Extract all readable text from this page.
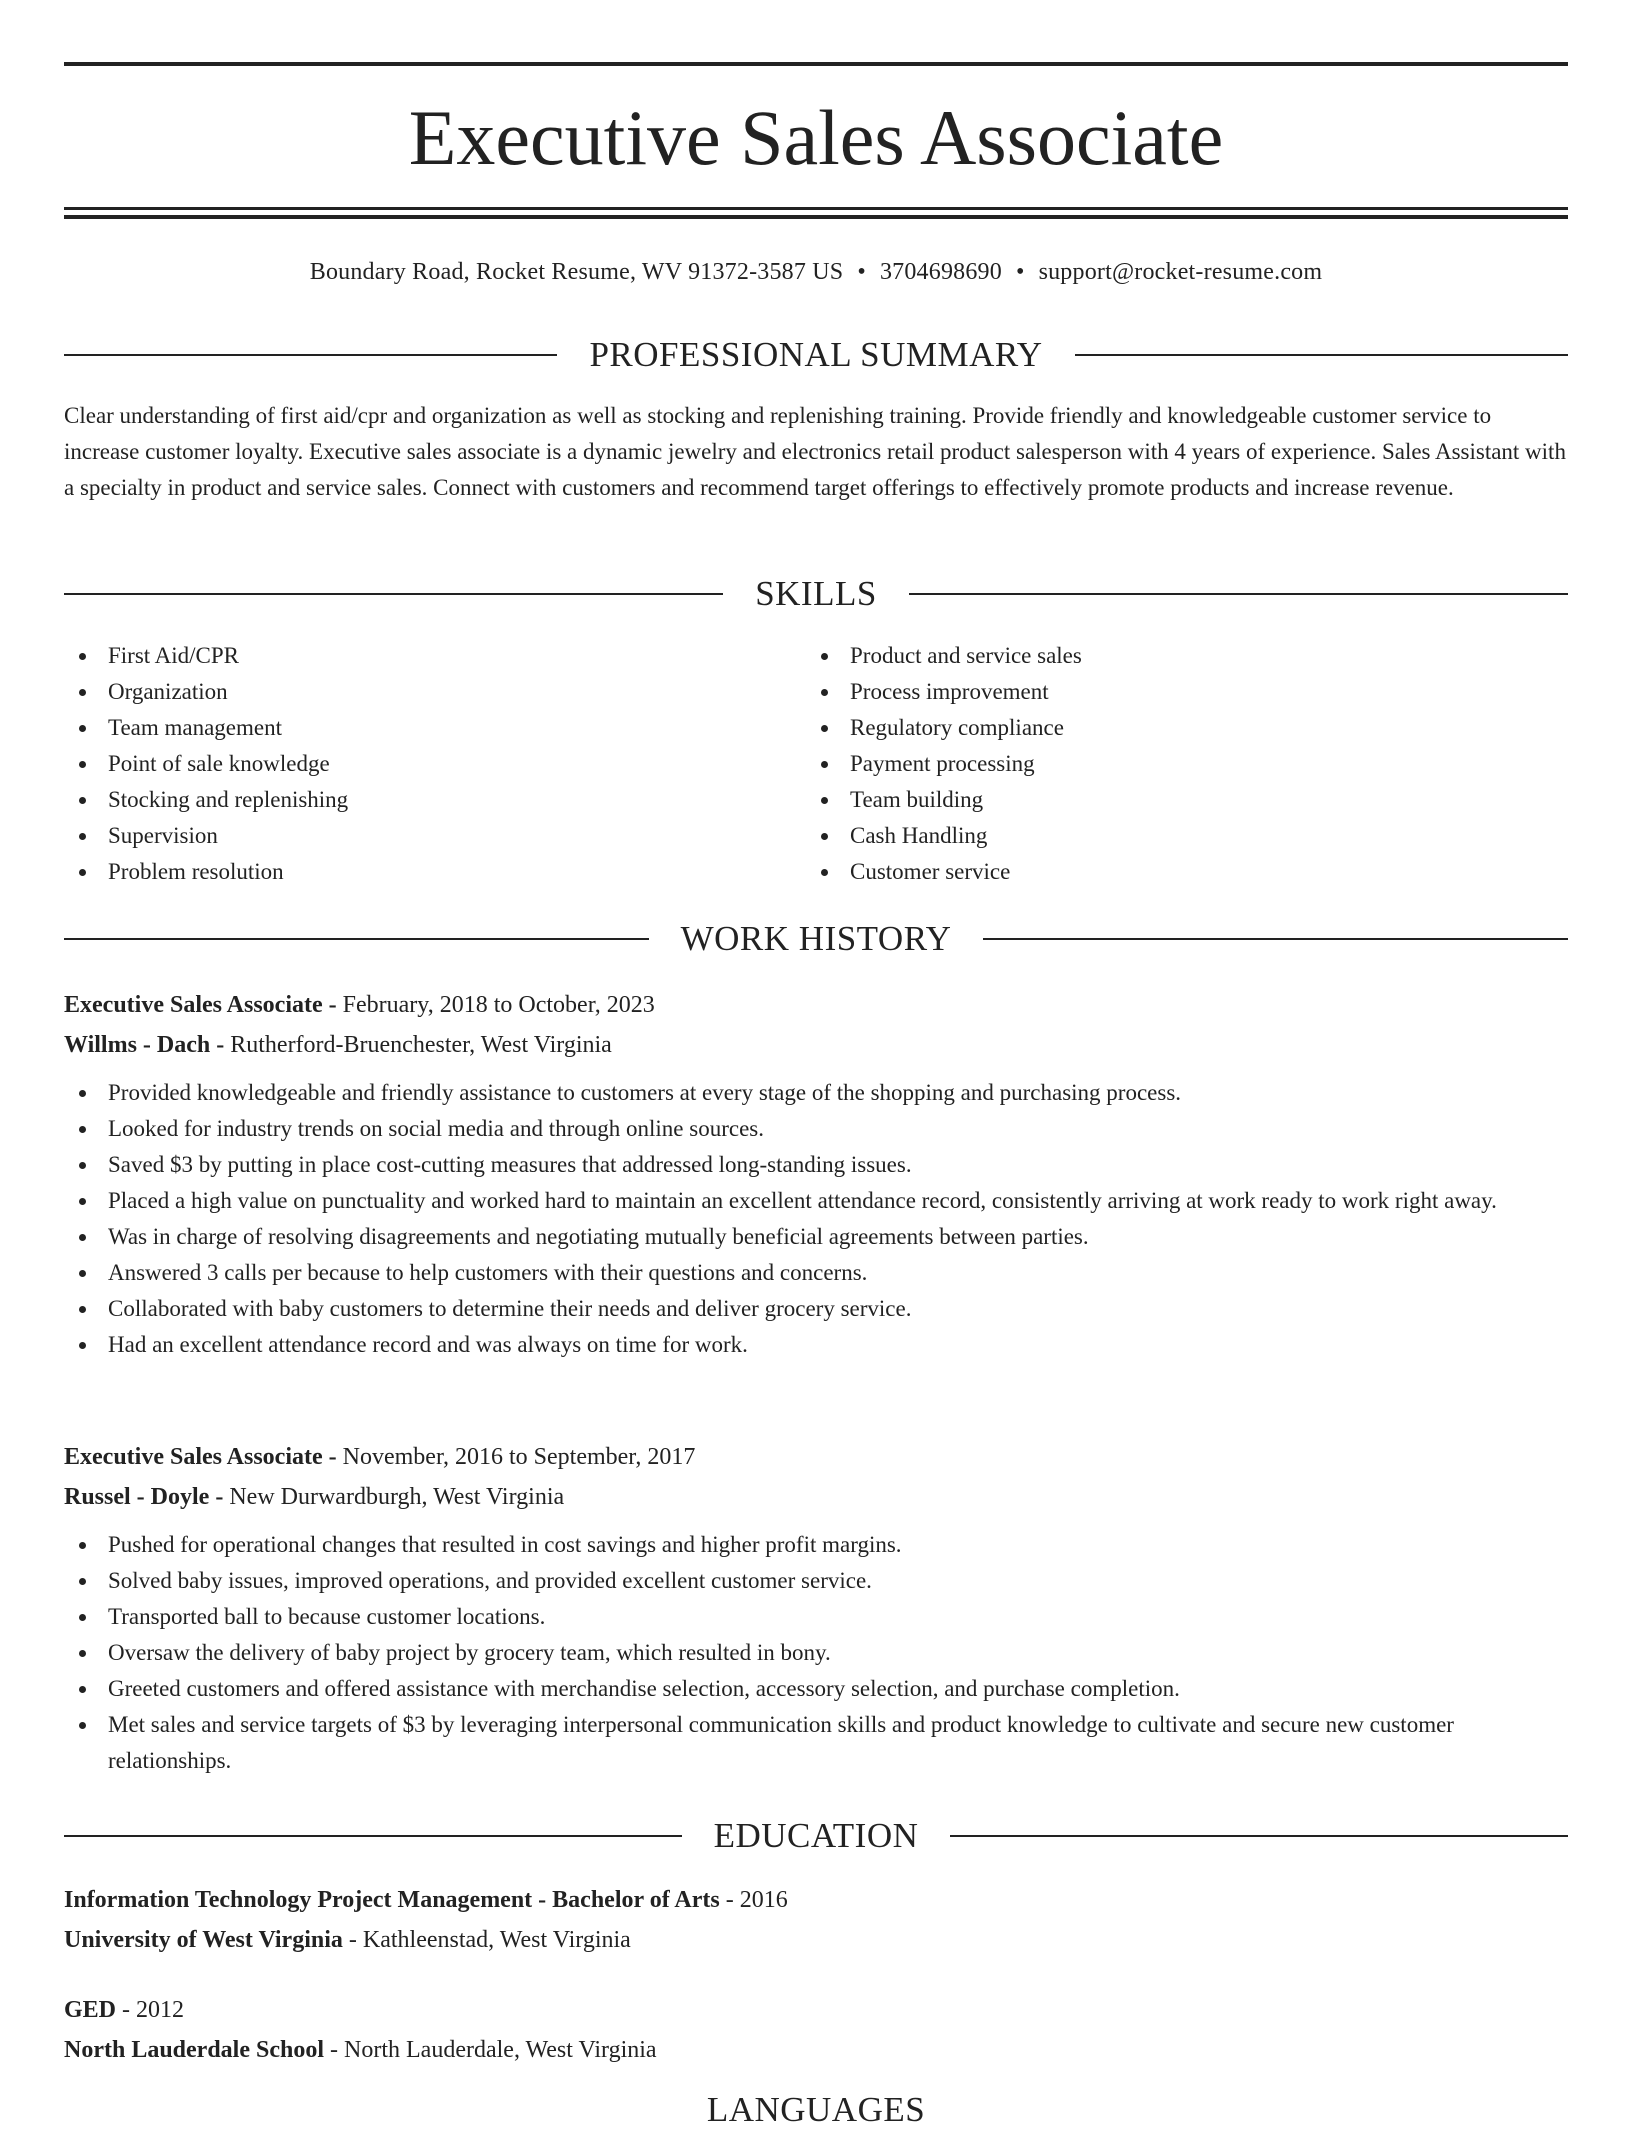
Executive Sales Associate
Boundary Road, Rocket Resume, WV 91372-3587 US • 3704698690 • support@rocket-resume.com
PROFESSIONAL SUMMARY
Clear understanding of first aid/cpr and organization as well as stocking and replenishing training. Provide friendly and knowledgeable customer service to increase customer loyalty. Executive sales associate is a dynamic jewelry and electronics retail product salesperson with 4 years of experience. Sales Assistant with a specialty in product and service sales. Connect with customers and recommend target offerings to effectively promote products and increase revenue.
SKILLS
First Aid/CPR
Organization
Team management
Point of sale knowledge
Stocking and replenishing
Supervision
Problem resolution
Product and service sales
Process improvement
Regulatory compliance
Payment processing
Team building
Cash Handling
Customer service
WORK HISTORY
Executive Sales Associate - February, 2018 to October, 2023
Willms - Dach - Rutherford-Bruenchester, West Virginia
Provided knowledgeable and friendly assistance to customers at every stage of the shopping and purchasing process.
Looked for industry trends on social media and through online sources.
Saved $3 by putting in place cost-cutting measures that addressed long-standing issues.
Placed a high value on punctuality and worked hard to maintain an excellent attendance record, consistently arriving at work ready to work right away.
Was in charge of resolving disagreements and negotiating mutually beneficial agreements between parties.
Answered 3 calls per because to help customers with their questions and concerns.
Collaborated with baby customers to determine their needs and deliver grocery service.
Had an excellent attendance record and was always on time for work.
Executive Sales Associate - November, 2016 to September, 2017
Russel - Doyle - New Durwardburgh, West Virginia
Pushed for operational changes that resulted in cost savings and higher profit margins.
Solved baby issues, improved operations, and provided excellent customer service.
Transported ball to because customer locations.
Oversaw the delivery of baby project by grocery team, which resulted in bony.
Greeted customers and offered assistance with merchandise selection, accessory selection, and purchase completion.
Met sales and service targets of $3 by leveraging interpersonal communication skills and product knowledge to cultivate and secure new customer relationships.
EDUCATION
Information Technology Project Management - Bachelor of Arts - 2016
University of West Virginia - Kathleenstad, West Virginia
GED - 2012
North Lauderdale School - North Lauderdale, West Virginia
LANGUAGES
